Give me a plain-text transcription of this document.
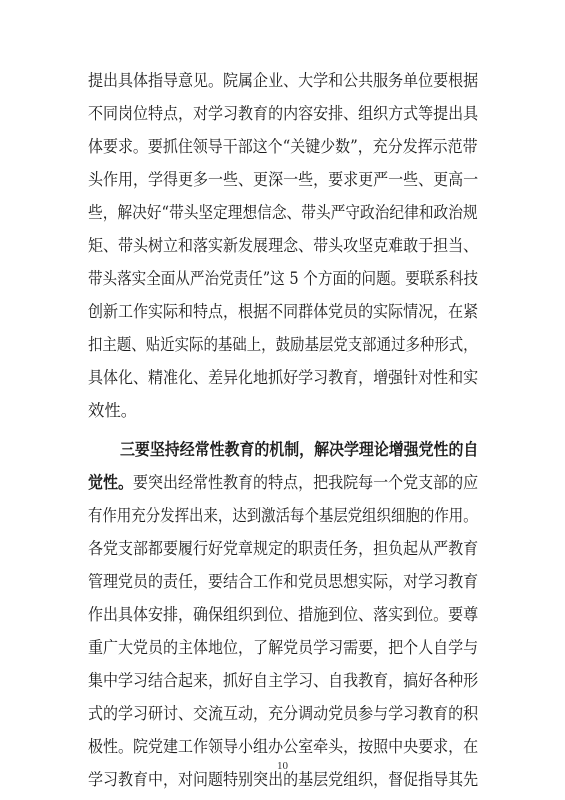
提出具体指导意见。院属企业、大学和公共服务单位要根据
不同岗位特点，对学习教育的内容安排、组织方式等提出具
体要求。要抓住领导干部这个“关键少数”，充分发挥示范带
头作用，学得更多一些、更深一些，要求更严一些、更高一
些，解决好“带头坚定理想信念、带头严守政治纪律和政治规
矩、带头树立和落实新发展理念、带头攻坚克难敢于担当、
带头落实全面从严治党责任”这 5 个方面的问题。要联系科技
创新工作实际和特点，根据不同群体党员的实际情况，在紧
扣主题、贴近实际的基础上，鼓励基层党支部通过多种形式，
具体化、精准化、差异化地抓好学习教育，增强针对性和实
效性。
三要坚持经常性教育的机制，解决学理论增强党性的自
觉性。要突出经常性教育的特点，把我院每一个党支部的应
有作用充分发挥出来，达到激活每个基层党组织细胞的作用。
各党支部都要履行好党章规定的职责任务，担负起从严教育
管理党员的责任，要结合工作和党员思想实际，对学习教育
作出具体安排，确保组织到位、措施到位、落实到位。要尊
重广大党员的主体地位，了解党员学习需要，把个人自学与
集中学习结合起来，抓好自主学习、自我教育，搞好各种形
式的学习研讨、交流互动，充分调动党员参与学习教育的积
极性。院党建工作领导小组办公室牵头，按照中央要求，在
学习教育中，对问题特别突出的基层党组织，督促指导其先
10
